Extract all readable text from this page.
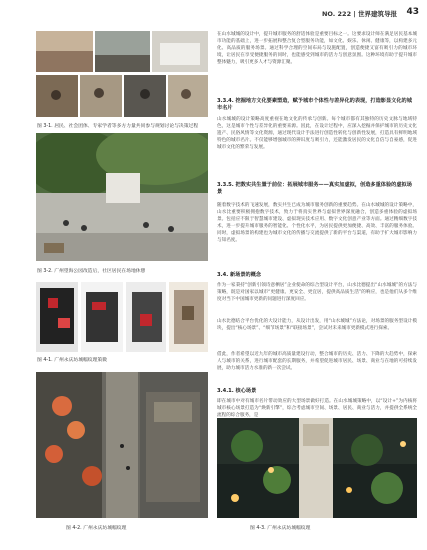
NO. 222 | 世界建筑导报 43
图 3-1. 居民、社会团体、专家学者等多方力量共同参与规划讨论与决策过程
图 3-2. 广州望海公园改造后，社区居民在场地休憩
图 4-1. 广州永庆坊城幅纹理策微
图 4-2. 广州永庆坊城幅纹理
在山水城城的设计中，提升城市服务的舒适体验是重要目标之一。这要求设计师在满足居民基本城市功能的基础上，进一步拓展和整合复合型服务功能，如文化、娱乐、休闲、健康等，以构建多元化、高品质的服务场景。通过科学合理的空间布局与设施配置，创造便捷又富有吸引力的城市环境，让居民在享受便捷服务的同时，也能感受到城市的活力与创意氛围。这种环境有助于提升城市整体魅力，吸引更多人才与资源汇聚。
3.3.4. 挖掘地方文化要素塑造，赋予城市个体性与差异化的表现，打造影显文化的城市名片
山水城城的设计策略高度重视在地文化的传承与创新。每个城市都有其独特的历史文脉与地域特色，这是城市个性与差异化的重要来源。因此，在设计过程中，应深入挖掘并保护城市的历史文化遗产、民俗风情等文化资源，通过现代设计手法进行创造性转化与创新性发展，打造具有鲜明地域特色的城市名片。不仅能够增强城市的辨识度与吸引力，还能激发居民的文化自信与自豪感，促进城市文化的繁荣与发展。
3.3.5. 把数实共生置于前位：拓展城市服务——真实加虚拟，创造多重体验的虚拟场景
随着数字技术的飞速发展，数实共生已成为城市服务创新的重要趋势。在山水城城的设计策略中，山水比重要积极拥抱数字技术，致力于将真实世界与虚拟世界深度融合，创造多重体验的虚拟场景。包括应不限于智慧城市建设、虚拟现实技术应用、数字文化创意产业等方面。通过精细数字技术，进一步提升城市服务的智能化、个性化水平，为居民提供更加便捷、高效、丰富的服务体验。同时，虚拟场景的构建也为城市文化的传播与交流提供了新的平台与渠道，有助于扩大城市影响力与知名度。
3.4. 新场景的概念
作为一家秉持“创新引领诗意栖居”企业使命的综合型设计平台，山水比德提出“山水城城”的方法与策略，既是对国家以城市“更健康、更安全、更宜居，提供高品质生活”的响应，也是他们从多个维度对当下中国城市更新的问题进行深度回应。
山水比德结合平台优化的大设计能力，从设计出发，用“山水城城”方法论，对场景的服务型设计模块，提出“核心场景”、“细节场景”和“联接场景”，尝试对未来城市更新模式进行探索。
借此，作者希望以近九年的城市高质量建设行动，整合城市的历史、活力、下降的大趋势中，探索人与城市的关系，进行城市配套的长期服务，并希望促进城市居民、场景、商业与在地的可持续发展，助力城市活力水准的新一次尝试。
3.4.1. 核心场景
即在城市中对有城市名片带动效应的大型场景做好打造。在山水城城策略中，以“设计+”为内核将城市核心场景打造为“焕新引擎”，综合考虑城市空间、场景、居民、商业与活力，并提供全系统全流程的综合服务，是
图 4-3. 广州永庆坊城幅纹理
